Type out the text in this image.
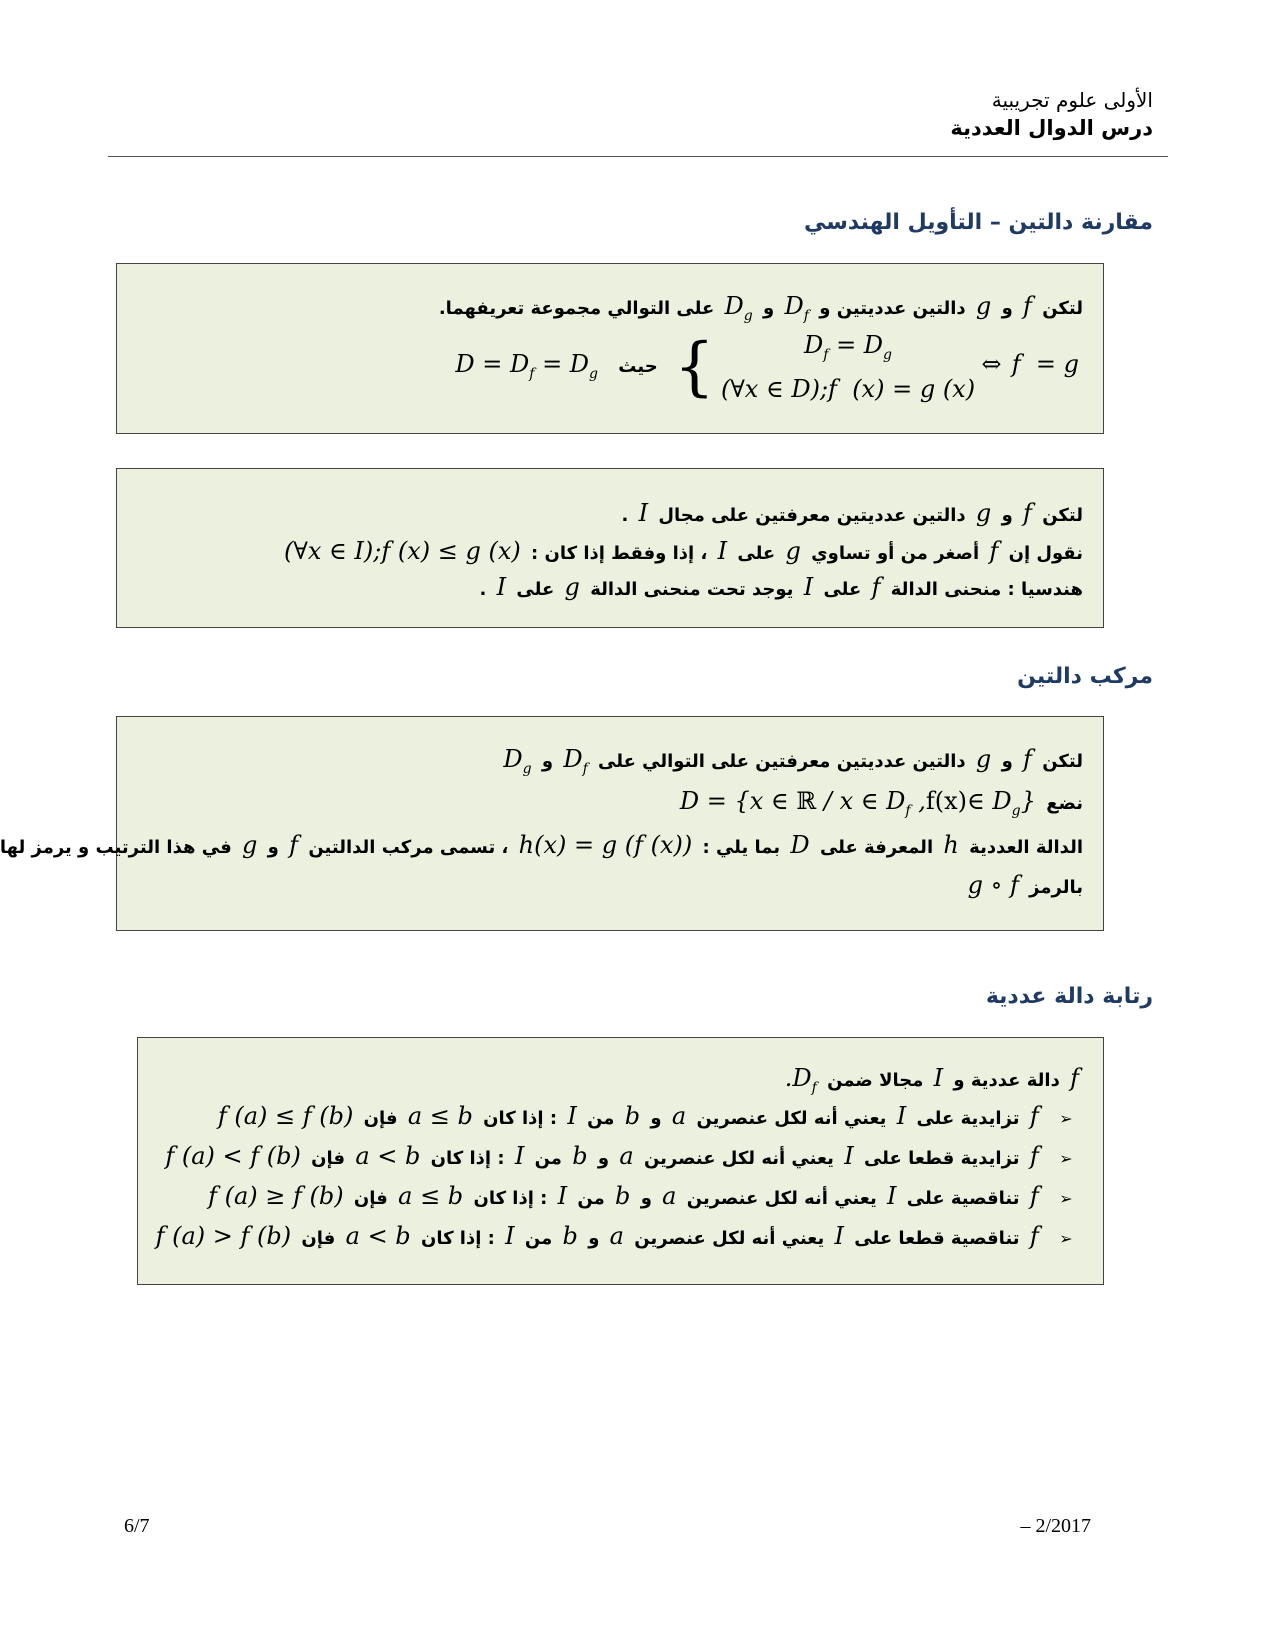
الأولى علوم تجريبية
درس الدوال العددية
مقارنة دالتين – التأويل الهندسي
لتكن f و g دالتين عدديتين و $D_f$ و $D_g$ على التوالي مجموعة تعريفهما.
f  = g ⇔ {	$D_f = D_g$
(∀x ∈ D);f  (x) = g (x)
حيث $D = D_f = D_g$
لتكن f و g دالتين عدديتين معرفتين على مجال I .
نقول إن f أصغر من أو تساوي g على I ، إذا وفقط إذا كان : (∀x ∈ I);f (x) ≤ g (x)
هندسيا : منحنى الدالة f على I يوجد تحت منحنى الدالة g على I .
مركب دالتين
لتكن f و g دالتين عدديتين معرفتين على التوالي على $D_f$ و $D_g$
نضع D = {x ∈ ℝ / x ∈ $D_f$ ,f(x)∈ $D_g$}
الدالة العددية h المعرفة على D بما يلي : h(x) = g (f (x)) ، تسمى مركب الدالتين f و g في هذا الترتيب و يرمز لها
بالرمز g ∘ f
رتابة دالة عددية
f دالة عددية و I مجالا ضمن $.D_f$
➢ f تزايدية على I يعني أنه لكل عنصرين a و b من I : إذا كان a ≤ b فإن f (a) ≤ f (b)
➢ f تزايدية قطعا على I يعني أنه لكل عنصرين a و b من I : إذا كان a < b فإن f (a) < f (b)
➢ f تناقصية على I يعني أنه لكل عنصرين a و b من I : إذا كان a ≤ b فإن f (a) ≥ f (b)
➢ f تناقصية قطعا على I يعني أنه لكل عنصرين a و b من I : إذا كان a < b فإن f (a) > f (b)
6/7	– 2/2017
